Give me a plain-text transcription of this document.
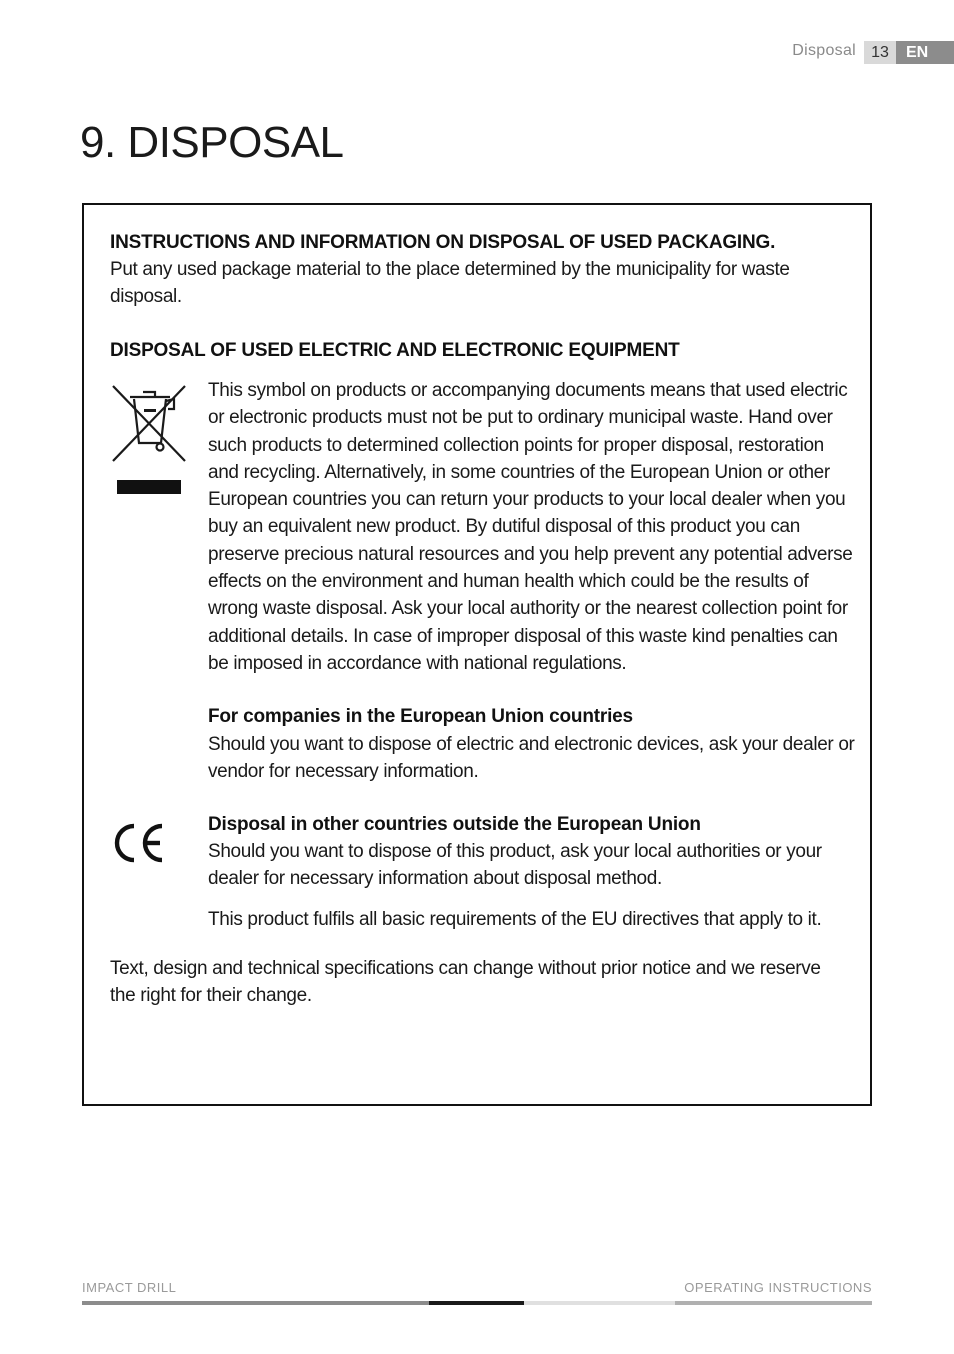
Disposal 13	EN
9. DISPOSAL

INSTRUCTIONS AND INFORMATION ON DISPOSAL OF USED PACKAGING.

Put any used package material to the place determined by the municipality for waste disposal.

DISPOSAL OF USED ELECTRIC AND ELECTRONIC EQUIPMENT

This symbol on products or accompanying documents means that used electric or electronic products must not be put to ordinary municipal waste. Hand over such products to determined collection points for proper disposal, restoration and recycling. Alternatively, in some countries of the European Union or other European countries you can return your products to your local dealer when you buy an equivalent new product. By dutiful disposal of this product you can preserve precious natural resources and you help prevent any potential adverse effects on the environment and human health which could be the results of wrong waste disposal. Ask your local authority or the nearest collection point for additional details. In case of improper disposal of this waste kind penalties can be imposed in accordance with national regulations.

For companies in the European Union countries

Should you want to dispose of electric and electronic devices, ask your dealer or vendor for necessary information.

Disposal in other countries outside the European Union

Should you want to dispose of this product, ask your local authorities or your dealer for necessary information about disposal method.

This product fulfils all basic requirements of the EU directives that apply to it.

Text, design and technical specifications can change without prior notice and we reserve the right for their change.

IMPACT DRILL	OPERATING INSTRUCTIONS
